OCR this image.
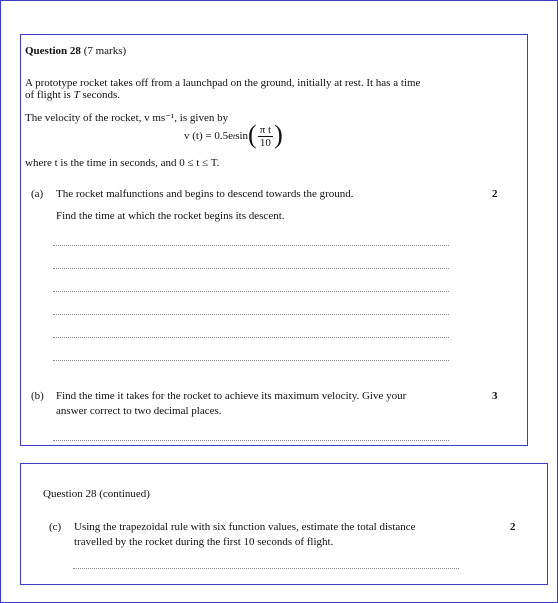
Question 28 (7 marks)
A prototype rocket takes off from a launchpad on the ground, initially at rest. It has a time
of flight is T seconds.
The velocity of the rocket, v ms⁻¹, is given by
v (t) = 0.5e t sin ( $\frac{\text{π t}}{10}$ )
where t is the time in seconds, and 0 ≤ t ≤ T.
(a) The rocket malfunctions and begins to descend towards the ground.	2
Find the time at which the rocket begins its descent.
(b) Find the time it takes for the rocket to achieve its maximum velocity. Give your	3
answer correct to two decimal places.
Question 28 (continued)
(c) Using the trapezoidal rule with six function values, estimate the total distance	2
travelled by the rocket during the first 10 seconds of flight.
